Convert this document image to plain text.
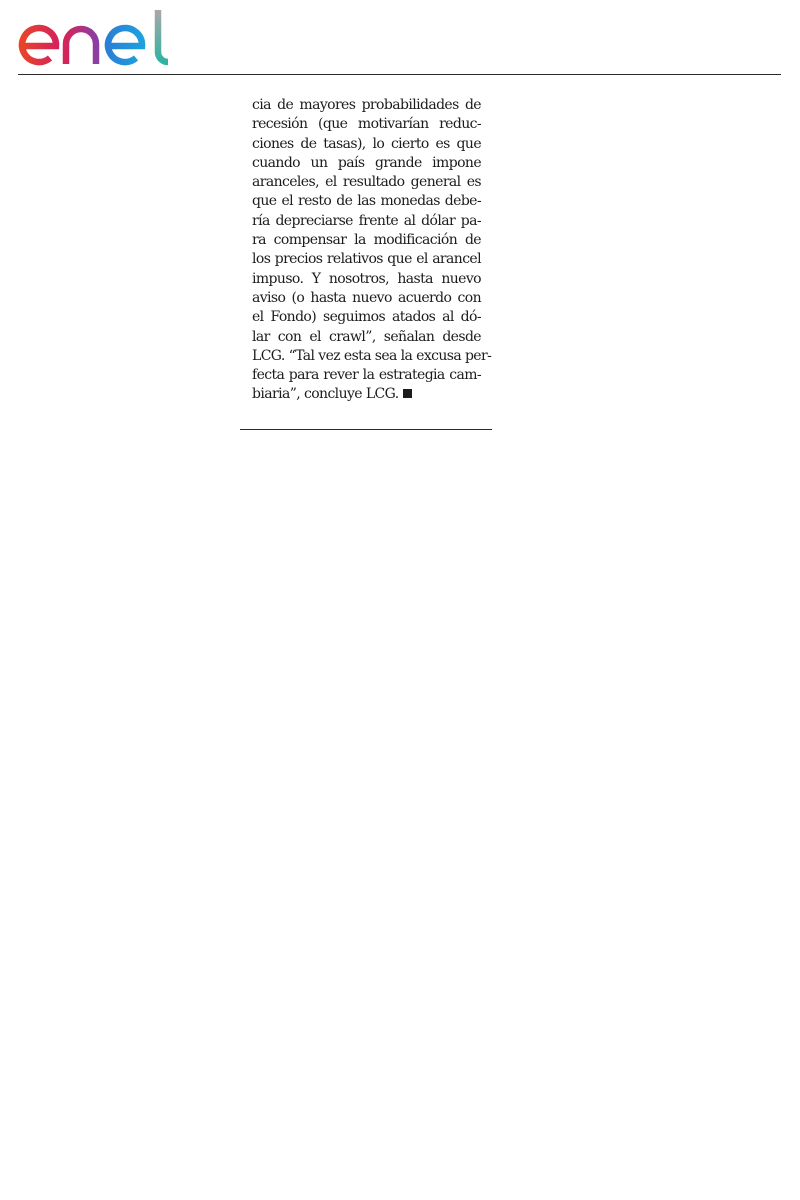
cia de mayores probabilidades de
recesión (que motivarían reduc-
ciones de tasas), lo cierto es que
cuando un país grande impone
aranceles, el resultado general es
que el resto de las monedas debe-
ría depreciarse frente al dólar pa-
ra compensar la modificación de
los precios relativos que el arancel
impuso. Y nosotros, hasta nuevo
aviso (o hasta nuevo acuerdo con
el Fondo) seguimos atados al dó-
lar con el crawl”, señalan desde
LCG. “Tal vez esta sea la excusa per-
fecta para rever la estrategia cam-
biaria”, concluye LCG.
